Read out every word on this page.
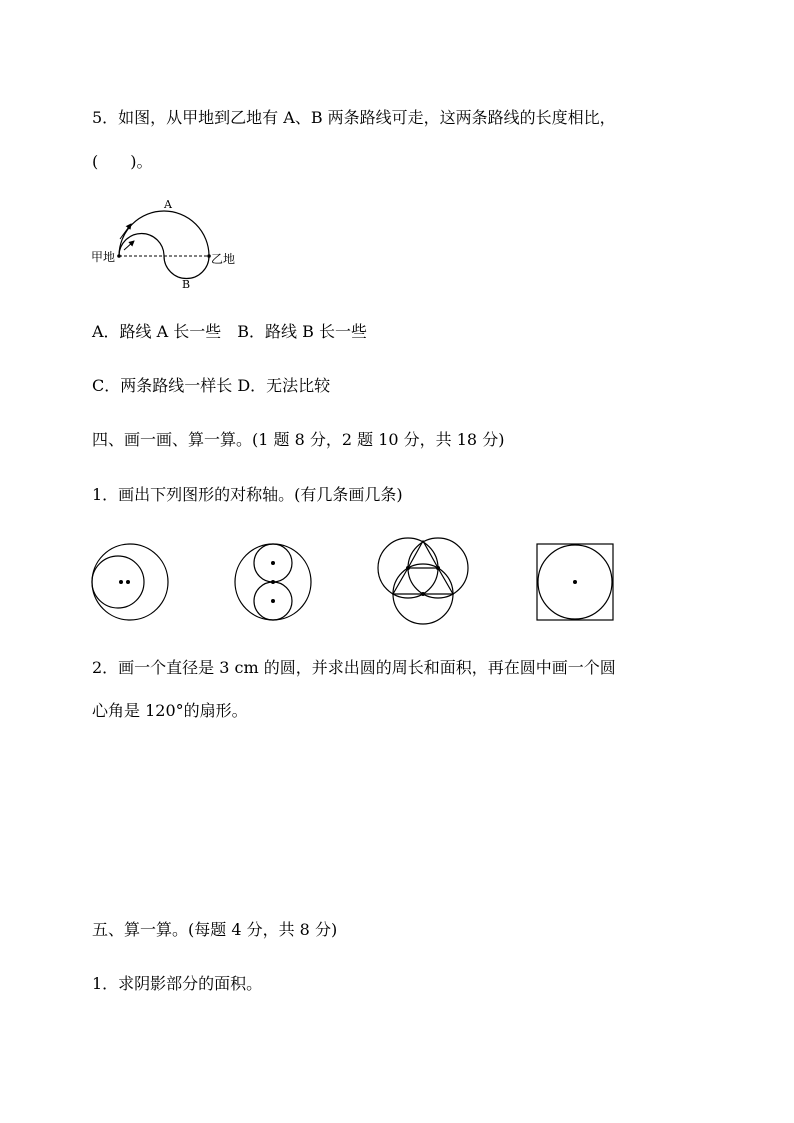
5．如图，从甲地到乙地有 A、B 两条路线可走，这两条路线的长度相比，
(　　)。
甲地	乙地
A
B
A．路线 A 长一些　B．路线 B 长一些
C．两条路线一样长 D．无法比较
四、画一画、算一算。(1 题 8 分，2 题 10 分，共 18 分)
1．画出下列图形的对称轴。(有几条画几条)
2．画一个直径是 3 cm 的圆，并求出圆的周长和面积，再在圆中画一个圆
心角是 120°的扇形。
五、算一算。(每题 4 分，共 8 分)
1．求阴影部分的面积。
